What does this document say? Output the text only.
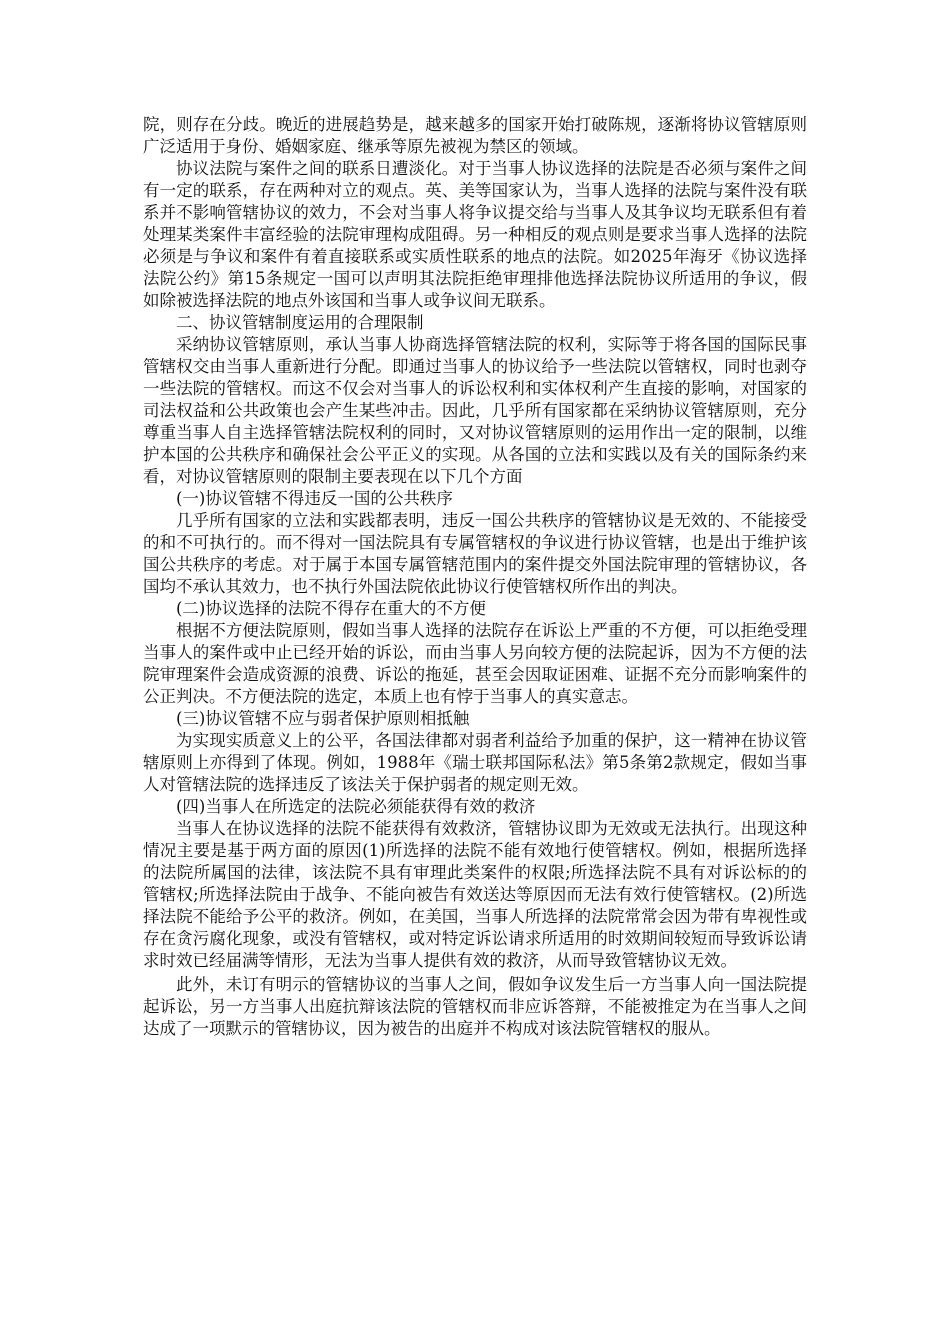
院，则存在分歧。晚近的进展趋势是，越来越多的国家开始打破陈规，逐渐将协议管辖原则广泛适用于身份、婚姻家庭、继承等原先被视为禁区的领域。

协议法院与案件之间的联系日遭淡化。对于当事人协议选择的法院是否必须与案件之间有一定的联系，存在两种对立的观点。英、美等国家认为，当事人选择的法院与案件没有联系并不影响管辖协议的效力，不会对当事人将争议提交给与当事人及其争议均无联系但有着处理某类案件丰富经验的法院审理构成阻碍。另一种相反的观点则是要求当事人选择的法院必须是与争议和案件有着直接联系或实质性联系的地点的法院。如2025年海牙《协议选择法院公约》第15条规定一国可以声明其法院拒绝审理排他选择法院协议所适用的争议，假如除被选择法院的地点外该国和当事人或争议间无联系。

二、协议管辖制度运用的合理限制

采纳协议管辖原则，承认当事人协商选择管辖法院的权利，实际等于将各国的国际民事管辖权交由当事人重新进行分配。即通过当事人的协议给予一些法院以管辖权，同时也剥夺一些法院的管辖权。而这不仅会对当事人的诉讼权利和实体权利产生直接的影响，对国家的司法权益和公共政策也会产生某些冲击。因此，几乎所有国家都在采纳协议管辖原则，充分尊重当事人自主选择管辖法院权利的同时，又对协议管辖原则的运用作出一定的限制，以维护本国的公共秩序和确保社会公平正义的实现。从各国的立法和实践以及有关的国际条约来看，对协议管辖原则的限制主要表现在以下几个方面

(一)协议管辖不得违反一国的公共秩序

几乎所有国家的立法和实践都表明，违反一国公共秩序的管辖协议是无效的、不能接受的和不可执行的。而不得对一国法院具有专属管辖权的争议进行协议管辖，也是出于维护该国公共秩序的考虑。对于属于本国专属管辖范围内的案件提交外国法院审理的管辖协议，各国均不承认其效力，也不执行外国法院依此协议行使管辖权所作出的判决。

(二)协议选择的法院不得存在重大的不方便

根据不方便法院原则，假如当事人选择的法院存在诉讼上严重的不方便，可以拒绝受理当事人的案件或中止已经开始的诉讼，而由当事人另向较方便的法院起诉，因为不方便的法院审理案件会造成资源的浪费、诉讼的拖延，甚至会因取证困难、证据不充分而影响案件的公正判决。不方便法院的选定，本质上也有悖于当事人的真实意志。

(三)协议管辖不应与弱者保护原则相抵触

为实现实质意义上的公平，各国法律都对弱者利益给予加重的保护，这一精神在协议管辖原则上亦得到了体现。例如，1988年《瑞士联邦国际私法》第5条第2款规定，假如当事人对管辖法院的选择违反了该法关于保护弱者的规定则无效。

(四)当事人在所选定的法院必须能获得有效的救济

当事人在协议选择的法院不能获得有效救济，管辖协议即为无效或无法执行。出现这种情况主要是基于两方面的原因(1)所选择的法院不能有效地行使管辖权。例如，根据所选择的法院所属国的法律，该法院不具有审理此类案件的权限;所选择法院不具有对诉讼标的的管辖权;所选择法院由于战争、不能向被告有效送达等原因而无法有效行使管辖权。(2)所选择法院不能给予公平的救济。例如，在美国，当事人所选择的法院常常会因为带有卑视性或存在贪污腐化现象，或没有管辖权，或对特定诉讼请求所适用的时效期间较短而导致诉讼请求时效已经届满等情形，无法为当事人提供有效的救济，从而导致管辖协议无效。

此外，未订有明示的管辖协议的当事人之间，假如争议发生后一方当事人向一国法院提起诉讼，另一方当事人出庭抗辩该法院的管辖权而非应诉答辩，不能被推定为在当事人之间达成了一项默示的管辖协议，因为被告的出庭并不构成对该法院管辖权的服从。
